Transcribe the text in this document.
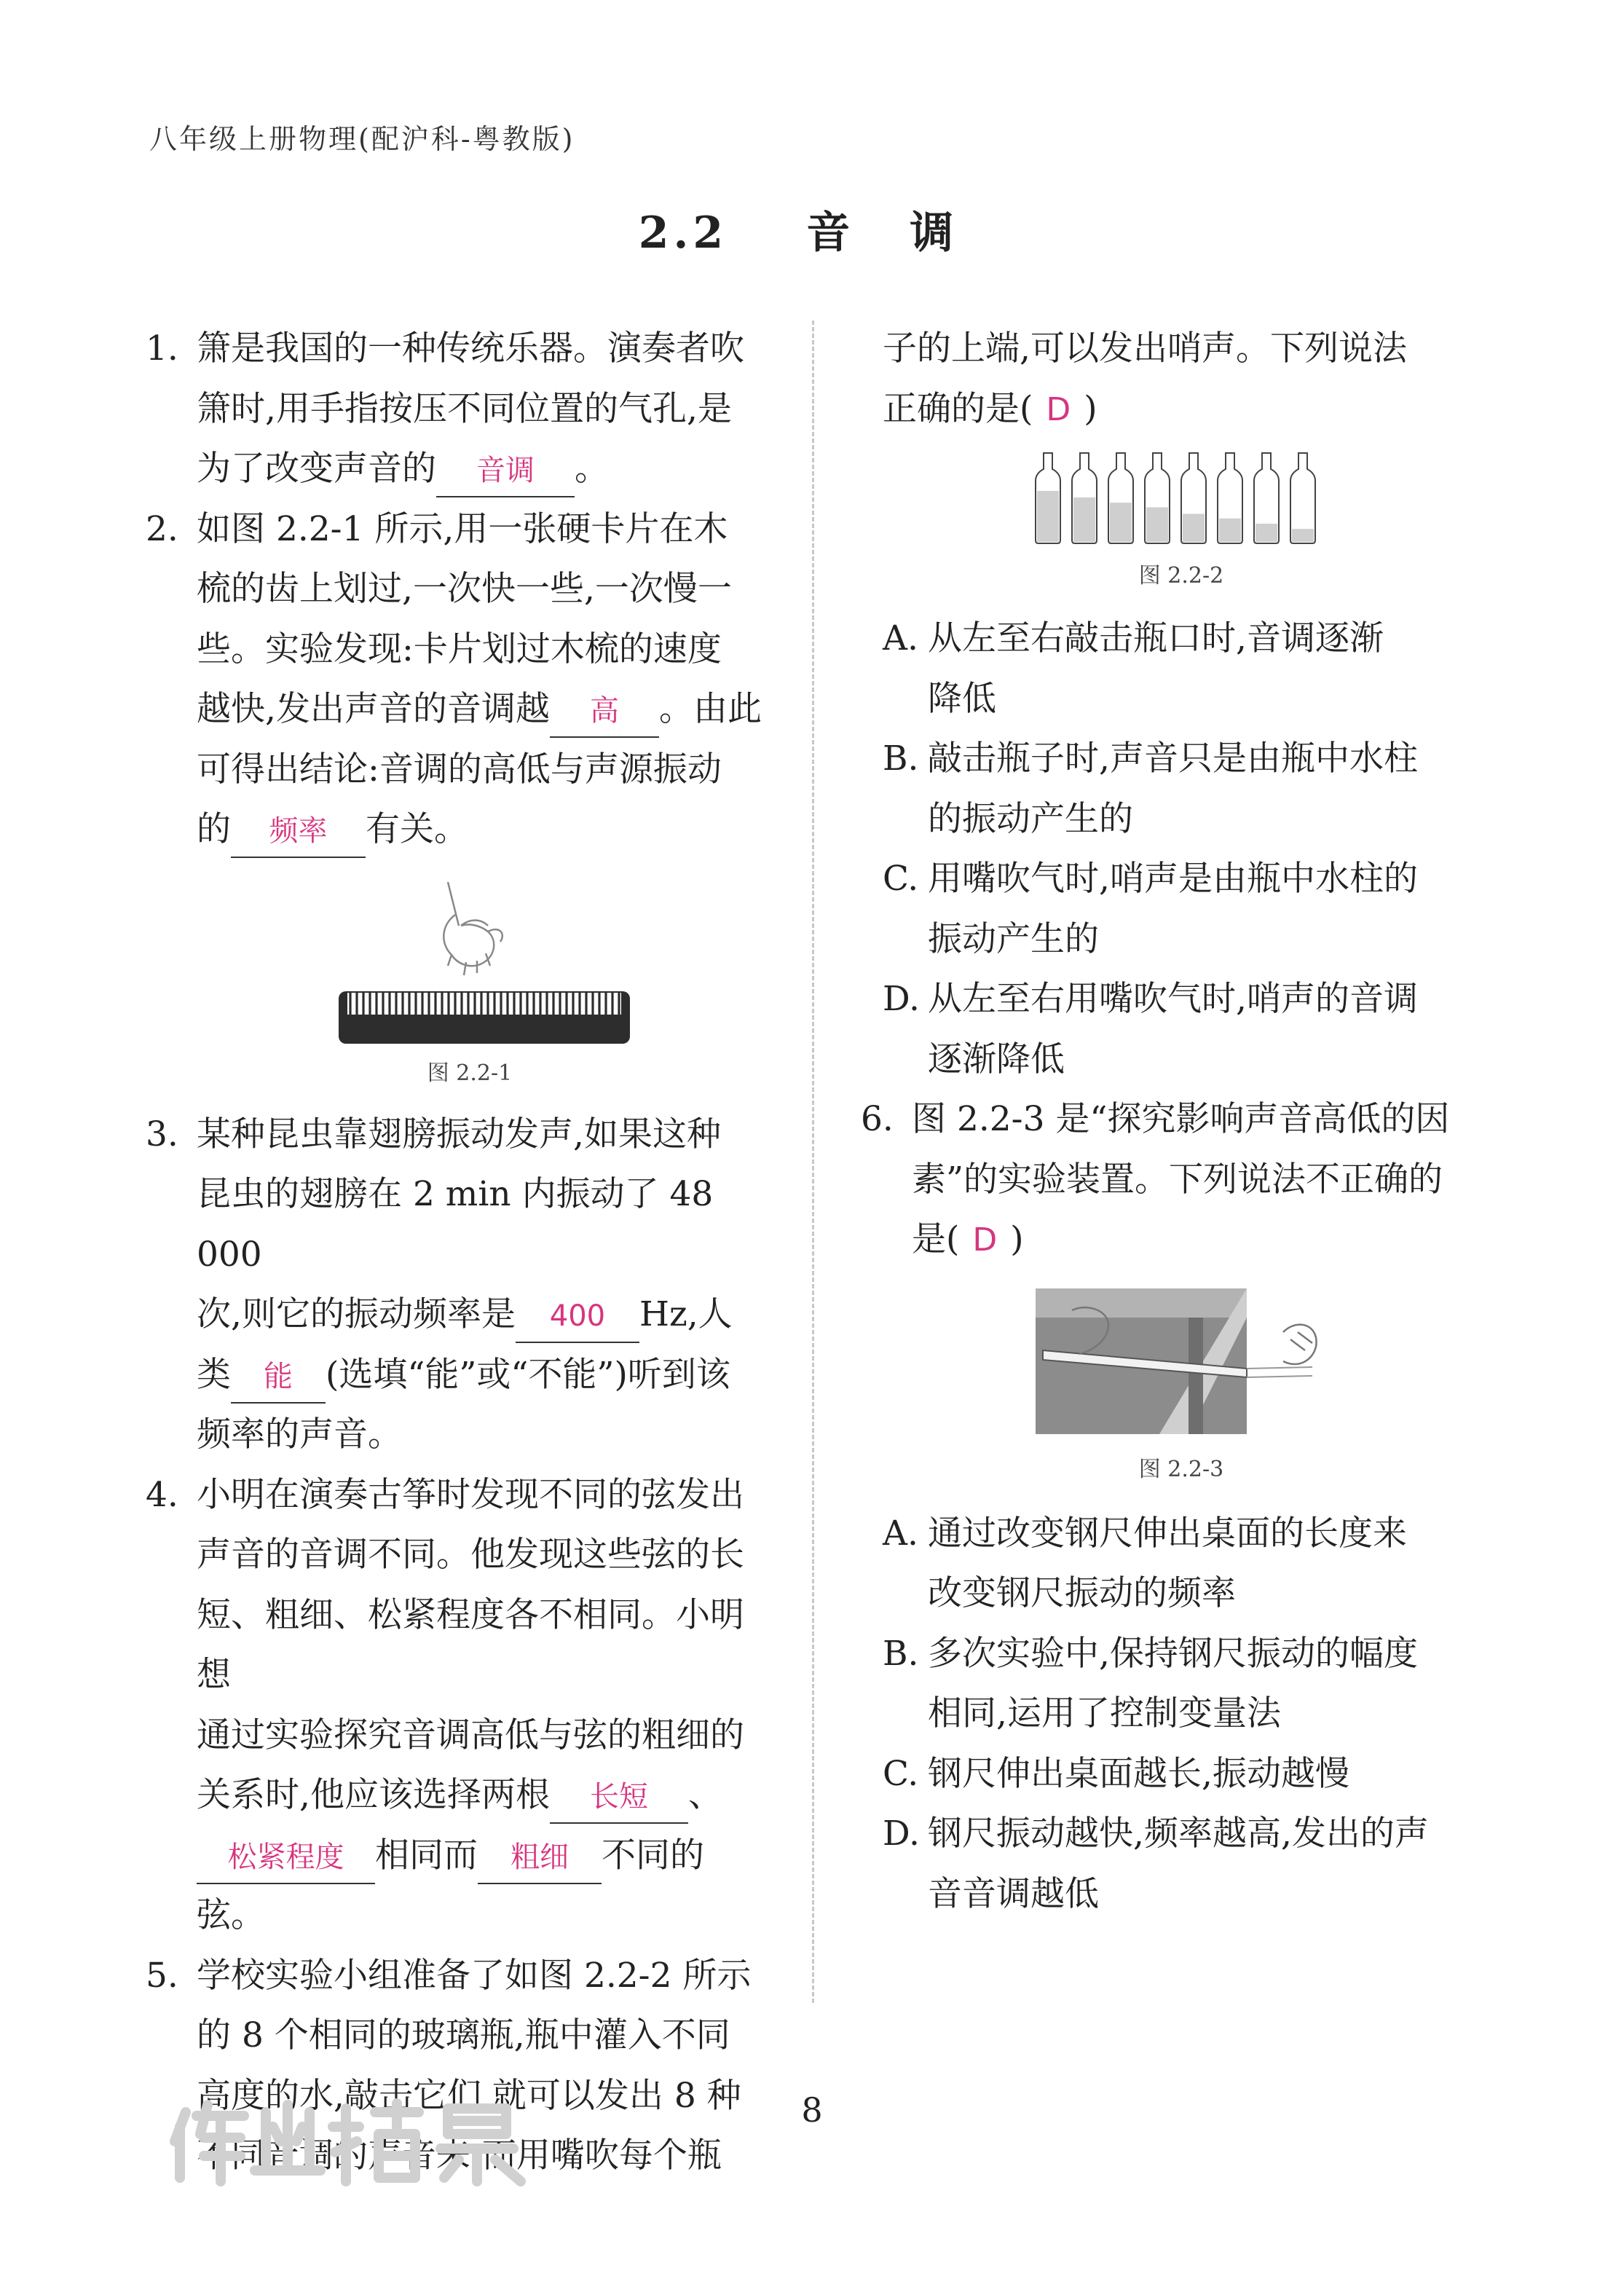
八年级上册物理(配沪科-粤教版)
2.2 音 调
1. 箫是我国的一种传统乐器。演奏者吹
箫时,用手指按压不同位置的气孔,是
为了改变声音的 音调 。
2. 如图 2.2-1 所示,用一张硬卡片在木
梳的齿上划过,一次快一些,一次慢一
些。实验发现:卡片划过木梳的速度
越快,发出声音的音调越 高 。由此
可得出结论:音调的高低与声源振动
的 频率 有关。
图 2.2-1
3. 某种昆虫靠翅膀振动发声,如果这种
昆虫的翅膀在 2 min 内振动了 48 000
次,则它的振动频率是 400 Hz,人
类 能 (选填“能”或“不能”)听到该
频率的声音。
4. 小明在演奏古筝时发现不同的弦发出
声音的音调不同。他发现这些弦的长
短、粗细、松紧程度各不相同。小明想
通过实验探究音调高低与弦的粗细的
关系时,他应该选择两根 长短 、
松紧程度 相同而 粗细 不同的弦。
5. 学校实验小组准备了如图 2.2-2 所示
的 8 个相同的玻璃瓶,瓶中灌入不同
高度的水,敲击它们,就可以发出 8 种
不同音调的声音来;而用嘴吹每个瓶
子的上端,可以发出哨声。下列说法
正确的是( D )
图 2.2-2
A. 从左至右敲击瓶口时,音调逐渐
降低
B. 敲击瓶子时,声音只是由瓶中水柱
的振动产生的
C. 用嘴吹气时,哨声是由瓶中水柱的
振动产生的
D. 从左至右用嘴吹气时,哨声的音调
逐渐降低
6. 图 2.2-3 是“探究影响声音高低的因
素”的实验装置。下列说法不正确的
是( D )
图 2.2-3
A. 通过改变钢尺伸出桌面的长度来
改变钢尺振动的频率
B. 多次实验中,保持钢尺振动的幅度
相同,运用了控制变量法
C. 钢尺伸出桌面越长,振动越慢
D. 钢尺振动越快,频率越高,发出的声
音音调越低
8
